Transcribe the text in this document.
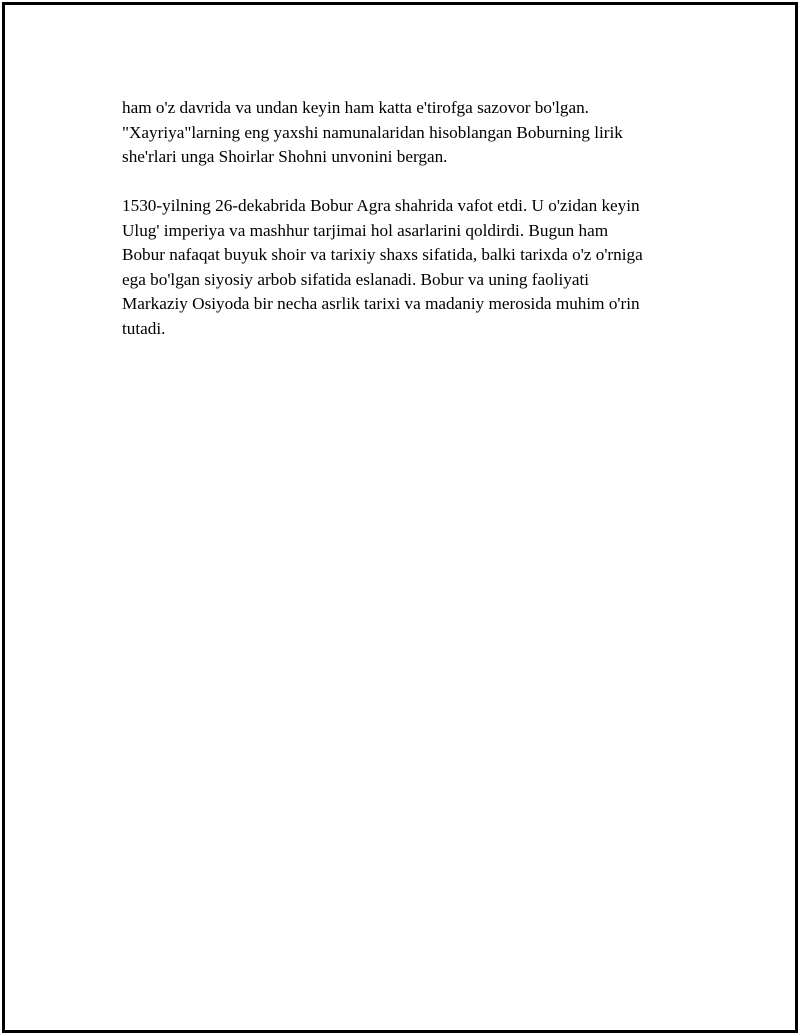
ham o'z davrida va undan keyin ham katta e'tirofga sazovor bo'lgan.
"Xayriya"larning eng yaxshi namunalaridan hisoblangan Boburning lirik
she'rlari unga Shoirlar Shohni unvonini bergan.

1530-yilning 26-dekabrida Bobur Agra shahrida vafot etdi. U o'zidan keyin
Ulug' imperiya va mashhur tarjimai hol asarlarini qoldirdi. Bugun ham
Bobur nafaqat buyuk shoir va tarixiy shaxs sifatida, balki tarixda o'z o'rniga
ega bo'lgan siyosiy arbob sifatida eslanadi. Bobur va uning faoliyati
Markaziy Osiyoda bir necha asrlik tarixi va madaniy merosida muhim o'rin
tutadi.
